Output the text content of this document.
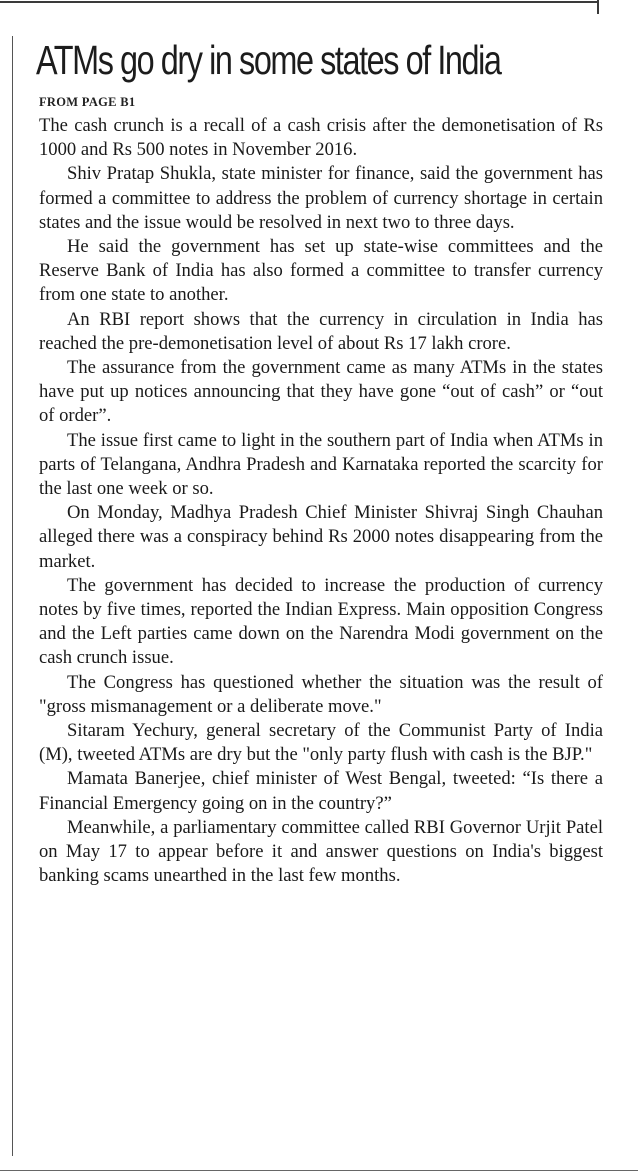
ATMs go dry in some states of India
FROM PAGE B1

The cash crunch is a recall of a cash crisis after the demonetisation of Rs 1000 and Rs 500 notes in November 2016.

Shiv Pratap Shukla, state minister for finance, said the government has formed a committee to address the problem of currency shortage in certain states and the issue would be resolved in next two to three days.

He said the government has set up state-wise committees and the Reserve Bank of India has also formed a committee to transfer currency from one state to another.

An RBI report shows that the currency in circulation in India has reached the pre-demonetisation level of about Rs 17 lakh crore.

The assurance from the government came as many ATMs in the states have put up notices announcing that they have gone “out of cash” or “out of order”.

The issue first came to light in the southern part of India when ATMs in parts of Telangana, Andhra Pradesh and Karnataka reported the scarcity for the last one week or so.

On Monday, Madhya Pradesh Chief Minister Shivraj Singh Chauhan alleged there was a conspiracy behind Rs 2000 notes disappearing from the market.

The government has decided to increase the production of currency notes by five times, reported the Indian Express. Main opposition Congress and the Left parties came down on the Narendra Modi government on the cash crunch issue.

The Congress has questioned whether the situation was the result of "gross mismanagement or a deliberate move."

Sitaram Yechury, general secretary of the Communist Party of India (M), tweeted ATMs are dry but the "only party flush with cash is the BJP."

Mamata Banerjee, chief minister of West Bengal, tweeted: “Is there a Financial Emergency going on in the country?”

Meanwhile, a parliamentary committee called RBI Governor Urjit Patel on May 17 to appear before it and answer questions on India's biggest banking scams unearthed in the last few months.
